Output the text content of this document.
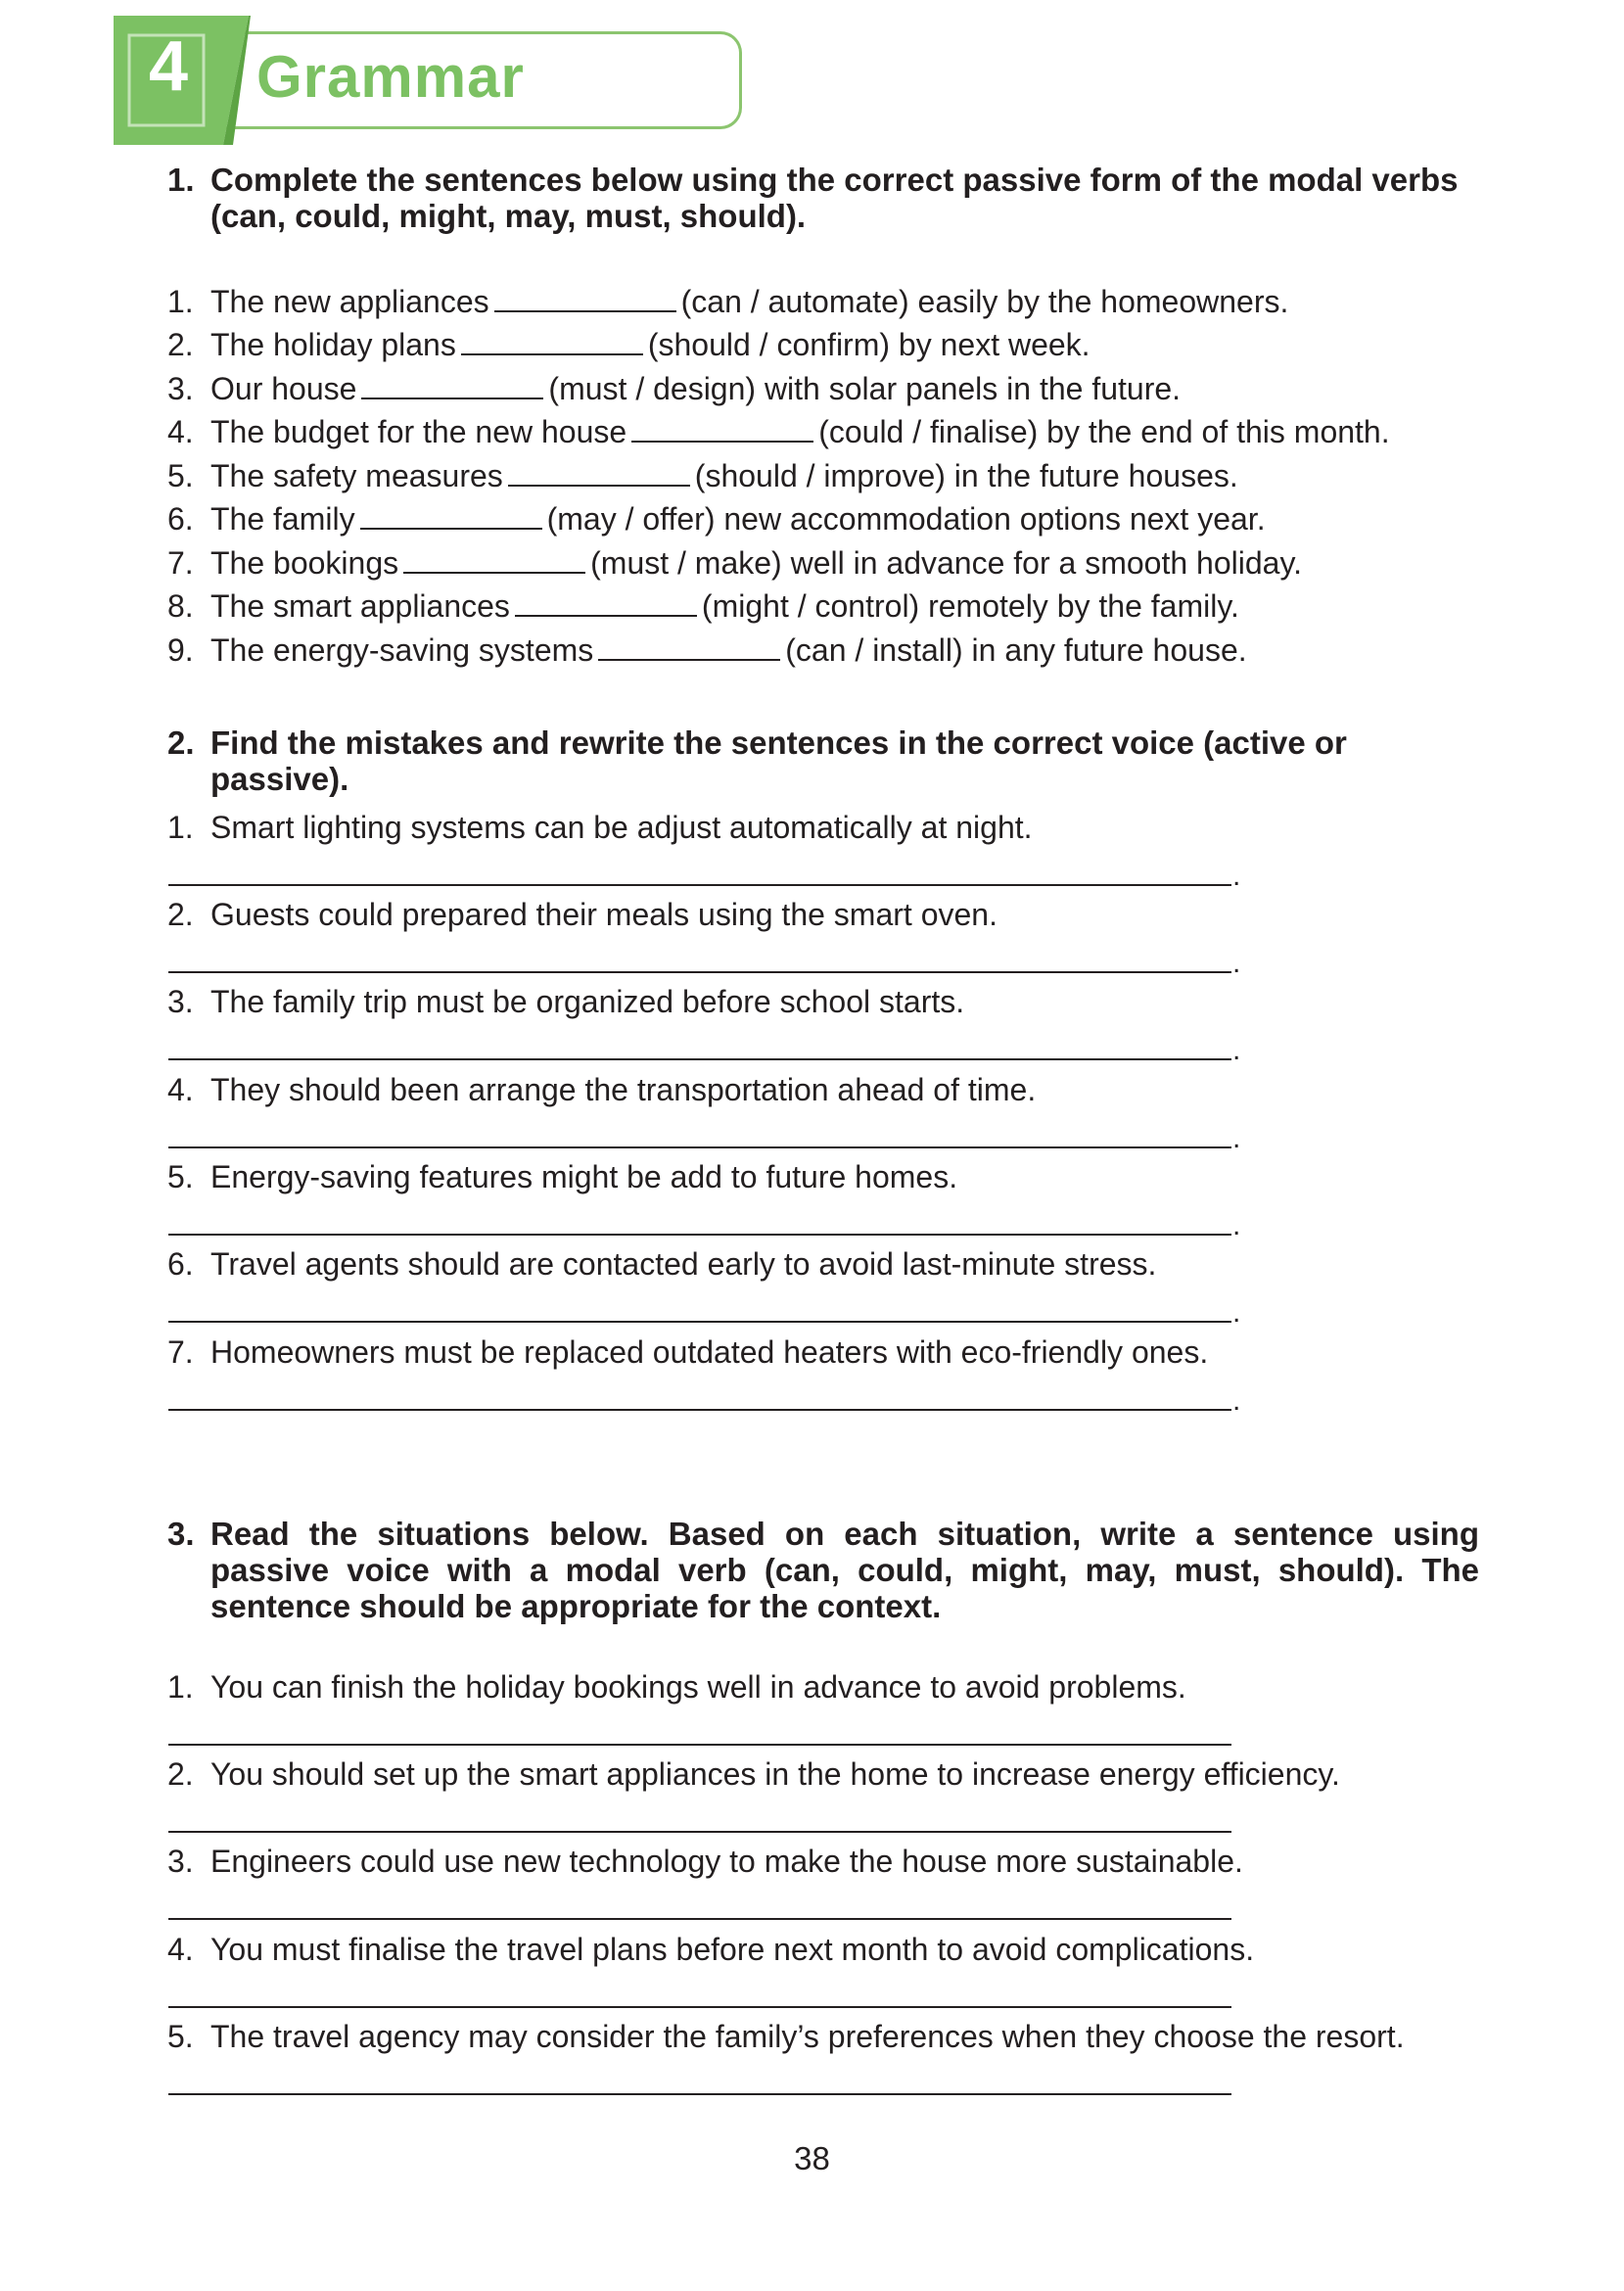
4	Grammar
1. Complete the sentences below using the correct passive form of the modal verbs (can, could, might, may, must, should).
1. The new appliances	(can / automate) easily by the homeowners.
2. The holiday plans	(should / confirm) by next week.
3. Our house	(must / design) with solar panels in the future.
4. The budget for the new house	(could / finalise) by the end of this month.
5. The safety measures	(should / improve) in the future houses.
6. The family	(may / offer) new accommodation options next year.
7. The bookings	(must / make) well in advance for a smooth holiday.
8. The smart appliances	(might / control) remotely by the family.
9. The energy-saving systems	(can / install) in any future house.
2. Find the mistakes and rewrite the sentences in the correct voice (active or passive).
1. Smart lighting systems can be adjust automatically at night.
.
2. Guests could prepared their meals using the smart oven.
.
3. The family trip must be organized before school starts.
.
4. They should been arrange the transportation ahead of time.
.
5. Energy-saving features might be add to future homes.
.
6. Travel agents should are contacted early to avoid last-minute stress.
.
7. Homeowners must be replaced outdated heaters with eco-friendly ones.
.
3. Read the situations below. Based on each situation, write a sentence using passive voice with a modal verb (can, could, might, may, must, should). The sentence should be appropriate for the context.
1. You can finish the holiday bookings well in advance to avoid problems.
2. You should set up the smart appliances in the home to increase energy efficiency.
3. Engineers could use new technology to make the house more sustainable.
4. You must finalise the travel plans before next month to avoid complications.
5. The travel agency may consider the family’s preferences when they choose the resort.
38
